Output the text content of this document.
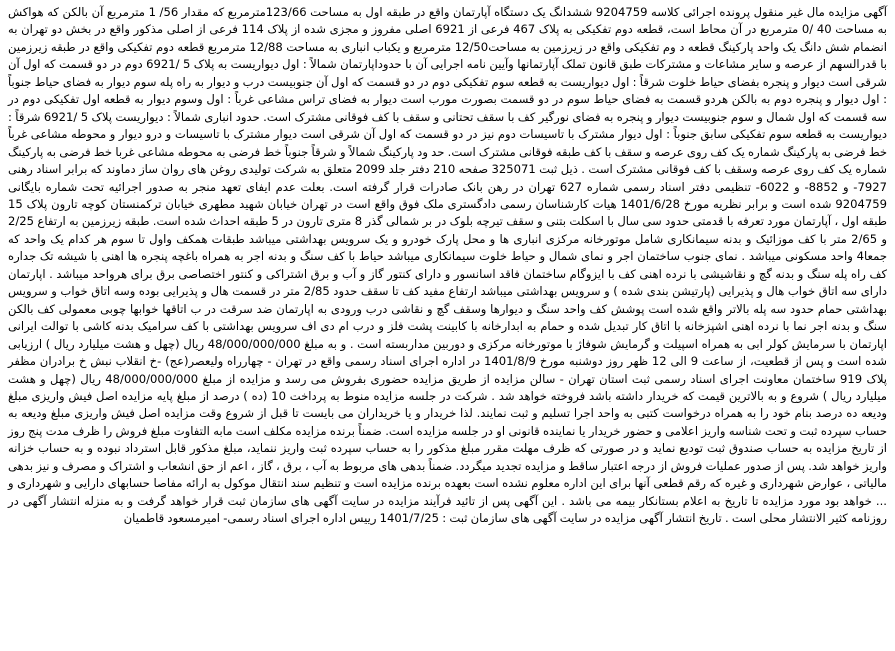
آگهی مزایده مال غیر منقول پرونده اجرائی کلاسه 9204759 ششدانگ یک دستگاه آپارتمان واقع در طبقه اول به مساحت 123/66مترمربع که مقدار 56/ 1 مترمربع آن بالکن که هواکش به مساحت 40 /0 مترمربع در آن محاط است، قطعه دوم تفکیکی به پلاک 467 فرعی از 6921 اصلی مفروز و مجزی شده از پلاک 114 فرعی از اصلی مذکور واقع در بخش دو تهران به انضمام شش دانگ یک واحد پارکینگ قطعه د وم تفکیکی واقع در زیرزمین به مساحت12/50 مترمربع و یکباب انباری به مساحت 12/88 مترمربع قطعه دوم تفکیکی واقع در طبقه زیرزمین با قدرالسهم از عرصه و سایر مشاعات و مشترکات طبق قانون تملک آپارتمانها وآیین نامه اجرایی آن با حدوداپارتمان شمالاً : اول دیواریست به پلاک 5 /6921 دوم در دو قسمت که اول آن شرقی است دیوار و پنجره بفضای حیاط خلوت شرقاً : اول دیواریست به قطعه سوم تفکیکی دوم در دو قسمت که اول آن جنوبیست درب و دیوار به راه پله سوم دیوار به فضای حیاط جنوباً : اول دیوار و پنجره دوم به بالکن هردو قسمت به فضای حیاط سوم در دو قسمت بصورت مورب است دیوار به فضای تراس مشاعی غرباً : اول وسوم دیوار به قطعه اول تفکیکی دوم در سه قسمت که اول شمال و سوم جنوبیست دیوار و پنجره به فضای نورگیر کف با سقف تحتانی و سقف با کف فوقانی مشترک است. حدود انباری شمالاً : دیواریست پلاک 5 /6921 شرقاً : دیواریست به قطعه سوم تفکیکی سابق جنوباً : اول دیوار مشترک با تاسیسات دوم نیز در دو قسمت که اول آن شرقی است دیوار مشترک با تاسیسات و درو دیوار و محوطه مشاعی غرباً خط فرضی به پارکینگ شماره یک کف روی عرصه و سقف با کف طبقه فوقانی مشترک است. حد ود پارکینگ شمالاً و شرقاً جنوباً خط فرضی به محوطه مشاعی غربا خط فرضی به پارکینگ شماره یک کف روی عرصه وسقف با کف فوقانی مشترک است . ذیل ثبت 325071 صفحه 210 دفتر جلد 2099 متعلق به شرکت تولیدی روغن های روان ساز دماوند که برابر اسناد رهنی 7927- و 8852- و 6022- تنظیمی دفتر اسناد رسمی شماره 627 تهران در رهن بانک صادرات قرار گرفته است. بعلت عدم ایفای تعهد منجر به صدور اجرائیه تحت شماره بایگانی 9204759 شده است و برابر نظریه مورخ 1401/6/28 هیات کارشناسان رسمی دادگستری ملک فوق واقع است در تهران خیابان شهید مطهری خیابان ترکمنستان کوچه تارون پلاک 15 طبقه اول ، آپارتمان مورد تعرفه با قدمتی حدود سی سال با اسکلت بتنی و سقف تیرچه بلوک در بر شمالی گذر 8 متری تارون در 5 طبقه احداث شده است. طبقه زیرزمین به ارتفاع 2/25 و 2/65 متر با کف موزائیک و بدنه سیمانکاری شامل موتورخانه مرکزی انباری ها و محل پارک خودرو و یک سرویس بهداشتی میباشد طبقات همکف واول تا سوم هر کدام یک واحد که جمعا4 واحد مسکونی میباشد . نمای جنوب ساختمان اجر و نمای شمال و حیاط خلوت سیمانکاری میباشد حیاط با کف سنگ و بدنه اجر به همراه باغچه پنجره ها اهنی با شیشه تک جداره کف راه پله سنگ و بدنه گچ و نقاشیشی با نرده اهنی کف با ایزوگام ساختمان فاقد اسانسور و دارای کنتور گاز و آب و برق اشتراکی و کنتور اختصاصی برق برای هرواحد میباشد . اپارتمان دارای سه اتاق خواب هال و پذیرایی (پارتیشن بندی شده ) و سرویس بهداشتی میباشد ارتفاع مفید کف تا سقف حدود 2/85 متر در قسمت هال و پذیرایی بوده وسه اتاق خواب و سرویس بهداشتی حمام حدود سه پله بالاتر واقع شده است پوشش کف واحد سنگ و دیوارها وسقف گچ و نقاشی درب ورودی به اپارتمان ضد سرقت در ب اتاقها خوابها چوبی معمولی کف بالکن سنگ و بدنه اجر نما با نرده اهنی اشپزخانه با اتاق کار تبدیل شده و حمام به ابدارخانه با کابینت پشت فلز و درب ام دی اف سرویس بهداشتی با کف سرامیک بدنه کاشی با توالت ایرانی اپارتمان با سرمایش کولر ابی به همراه اسپیلت و گرمایش شوفاژ با موتورخانه مرکزی و دوربین مداربسته است . و به مبلغ 48/000/000/000 ریال (چهل و هشت میلیارد ریال ) ارزیابی شده است و پس از قطعیت، از ساعت 9 الی 12 ظهر روز دوشنبه مورخ 1401/8/9 در اداره اجرای اسناد رسمی واقع در تهران - چهارراه ولیعصر(عج) -خ انقلاب نبش خ برادران مظفر پلاک 919 ساختمان معاونت اجرای اسناد رسمی ثبت استان تهران - سالن مزایده از طریق مزایده حضوری بفروش می رسد و مزایده از مبلغ 48/000/000/000 ریال (چهل و هشت میلیارد ریال ) شروع و به بالاترین قیمت که خریدار داشته باشد فروخته خواهد شد . شرکت در جلسه مزایده منوط به پرداخت 10 (ده ) درصد از مبلغ پایه مزایده اصل فیش واریزی مبلغ ودیعه ده درصد بنام خود را به همراه درخواست کتبی به واحد اجرا تسلیم و ثبت نمایند. لذا خریدار و یا خریداران می بایست تا قبل از شروع وقت مزایده اصل فیش واریزی مبلغ ودیعه به حساب سپرده ثبت و تحت شناسه واریز اعلامی و حضور خریدار یا نماینده قانونی او در جلسه مزایده است. ضمناً برنده مزایده مکلف است مابه التفاوت مبلغ فروش را ظرف مدت پنج روز از تاریخ مزایده به حساب صندوق ثبت تودیع نماید و در صورتی که ظرف مهلت مقرر مبلغ مذکور را به حساب سپرده ثبت واریز ننماید، مبلغ مذکور قابل استرداد نبوده و به حساب خزانه واریز خواهد شد. پس از صدور عملیات فروش از درجه اعتبار ساقط و مزایده تجدید میگردد. ضمناً بدهی های مربوط به آب ، برق ، گاز ، اعم از حق انشعاب و اشتراک و مصرف و نیز بدهی مالیاتی ، عوارض شهرداری و غیره که رقم قطعی آنها برای این اداره معلوم نشده است بعهده برنده مزایده است و تنظیم سند انتقال موکول به ارائه مفاصا حسابهای دارایی و شهرداری و ... خواهد بود مورد مزایده تا تاریخ به اعلام بستانکار بیمه می باشد . این آگهی پس از تائید فرآیند مزایده در سایت آگهی های سازمان ثبت قرار خواهد گرفت و به منزله انتشار آگهی در روزنامه کثیر الانتشار محلی است . تاریخ انتشار آگهی مزایده در سایت آگهی های سازمان ثبت : 1401/7/25 رییس اداره اجرای اسناد رسمی- امیرمسعود قاطمیان
